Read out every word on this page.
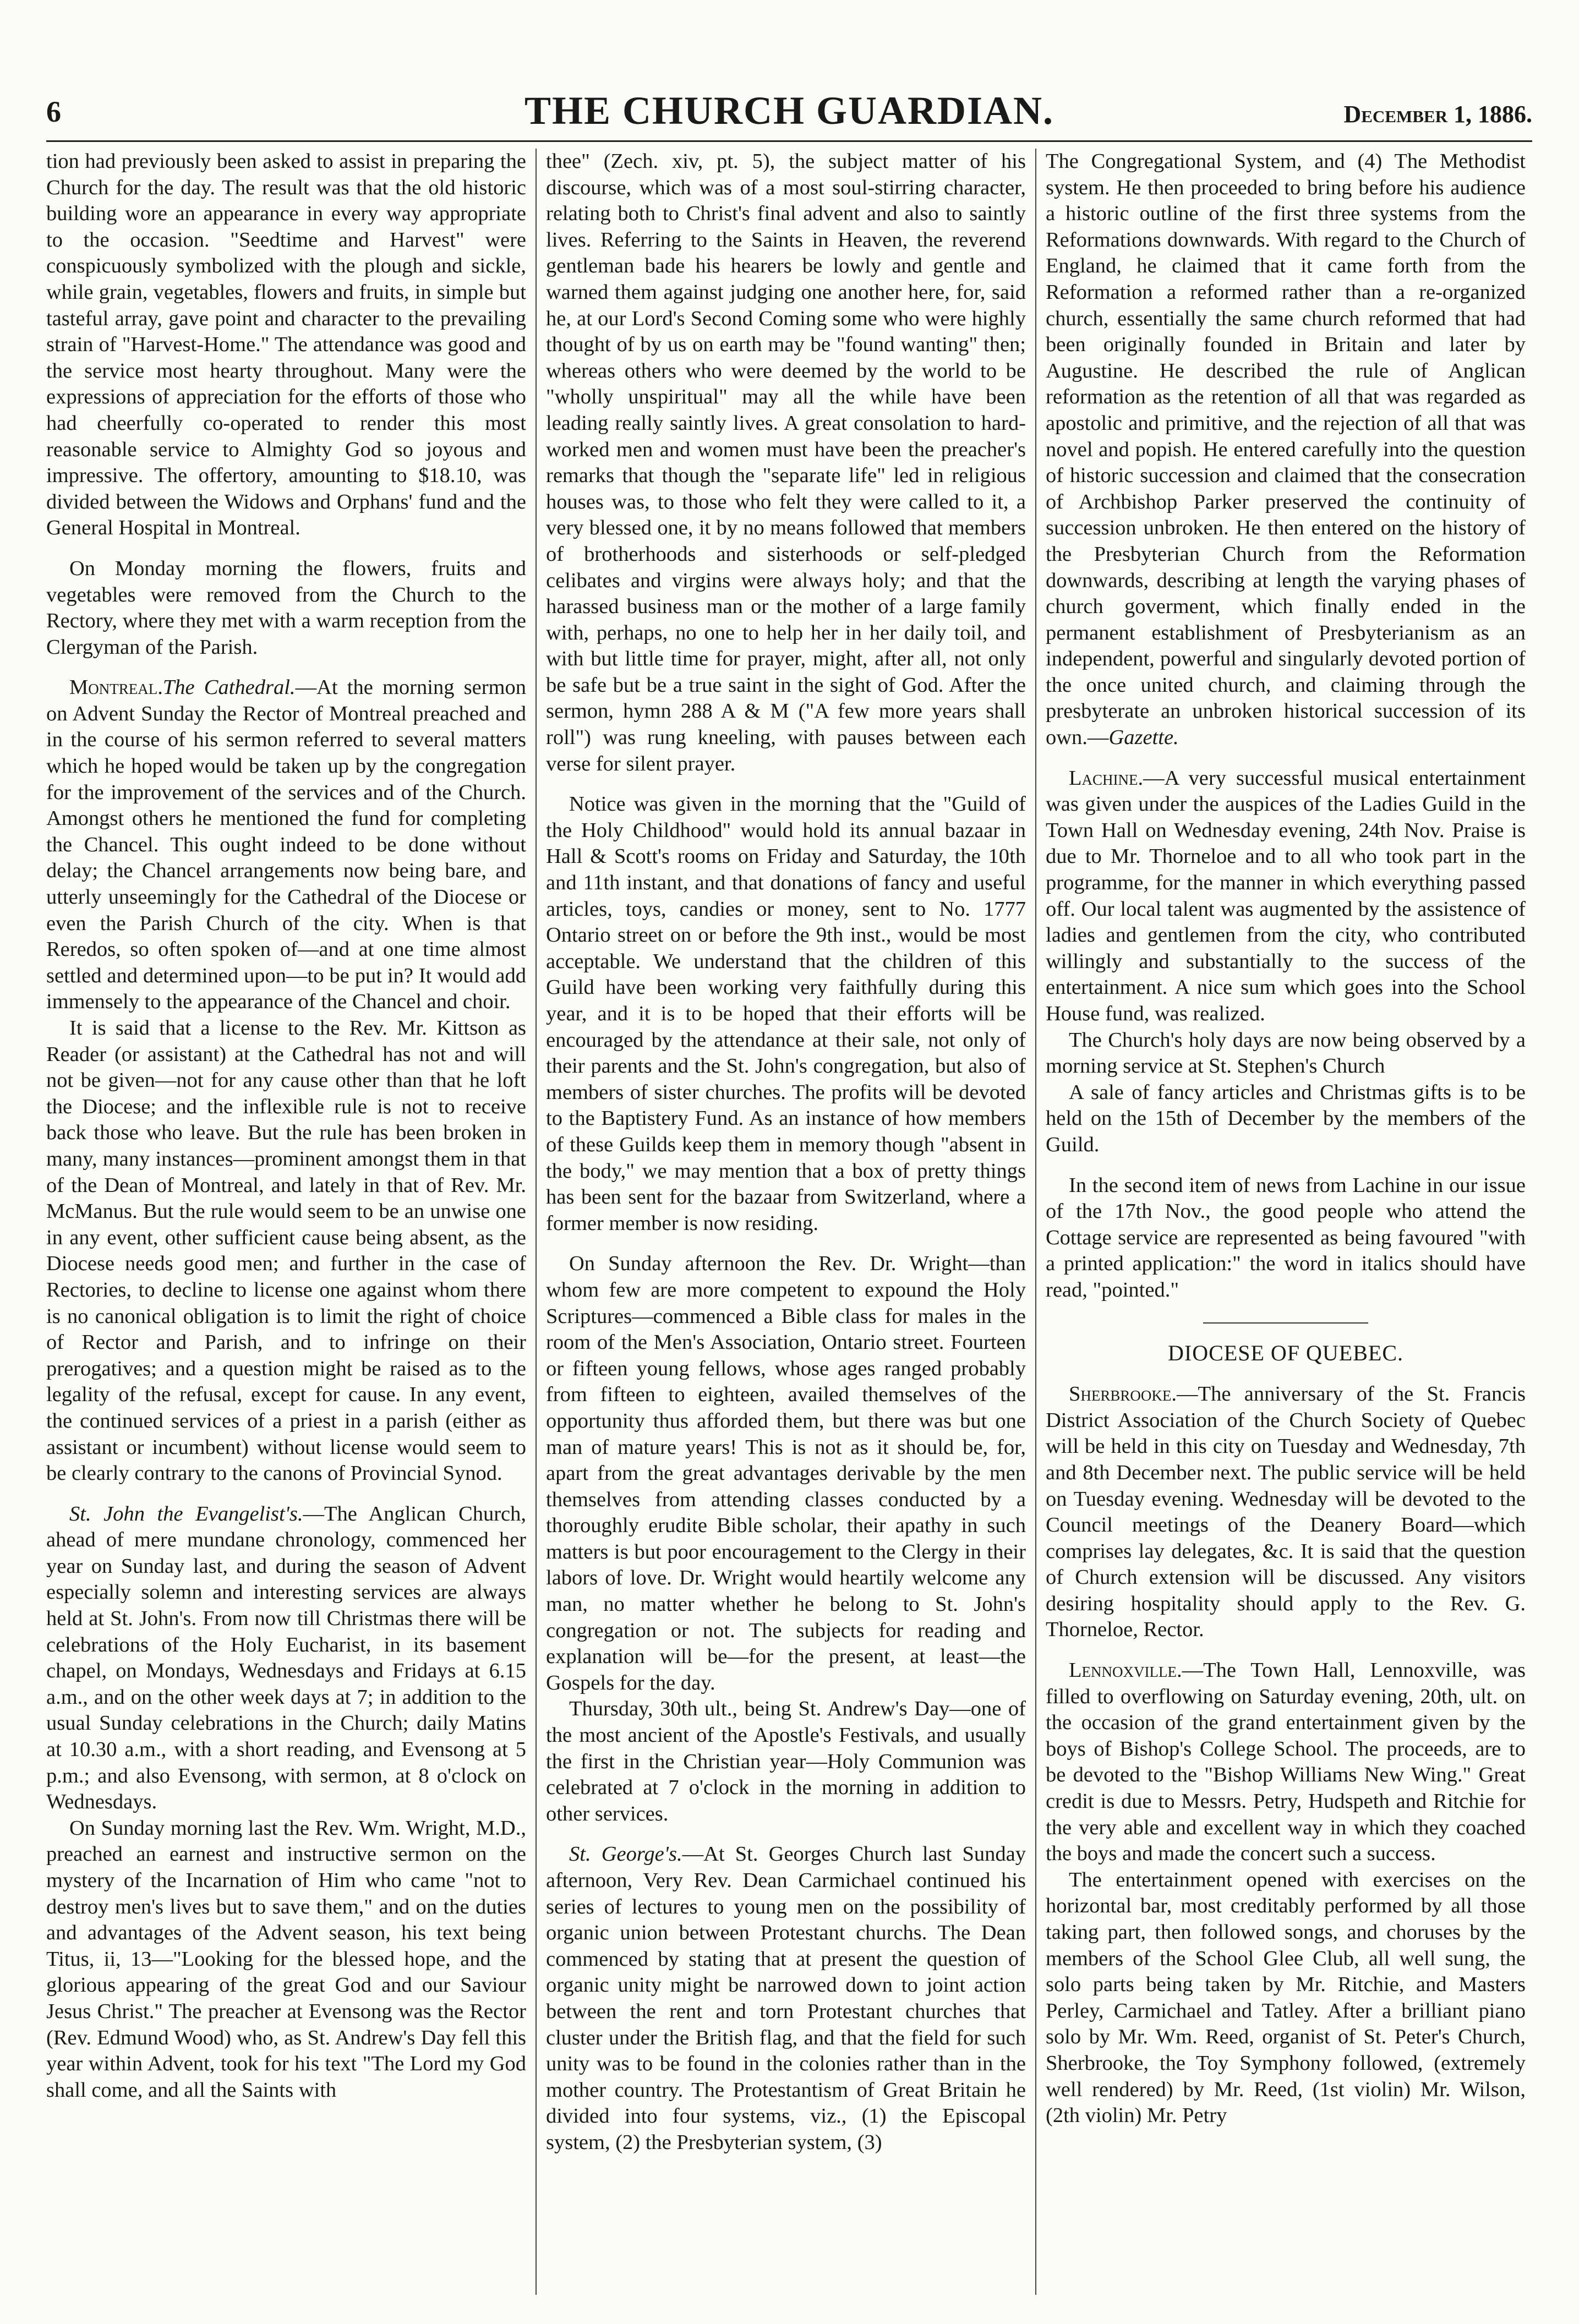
6	THE CHURCH GUARDIAN.	December 1, 1886.

tion had previously been asked to assist in preparing the Church for the day. The result was that the old historic building wore an appearance in every way appropriate to the occasion. "Seedtime and Harvest" were conspicuously symbolized with the plough and sickle, while grain, vegetables, flowers and fruits, in simple but tasteful array, gave point and character to the prevailing strain of "Harvest-Home." The attendance was good and the service most hearty throughout. Many were the expressions of appreciation for the efforts of those who had cheerfully co-operated to render this most reasonable service to Almighty God so joyous and impressive. The offertory, amounting to $18.10, was divided between the Widows and Orphans' fund and the General Hospital in Montreal.

On Monday morning the flowers, fruits and vegetables were removed from the Church to the Rectory, where they met with a warm reception from the Clergyman of the Parish.

Montreal.The Cathedral.—At the morning sermon on Advent Sunday the Rector of Montreal preached and in the course of his sermon referred to several matters which he hoped would be taken up by the congregation for the improvement of the services and of the Church. Amongst others he mentioned the fund for completing the Chancel. This ought indeed to be done without delay; the Chancel arrangements now being bare, and utterly unseemingly for the Cathedral of the Diocese or even the Parish Church of the city. When is that Reredos, so often spoken of—and at one time almost settled and determined upon—to be put in? It would add immensely to the appearance of the Chancel and choir.

It is said that a license to the Rev. Mr. Kittson as Reader (or assistant) at the Cathedral has not and will not be given—not for any cause other than that he loft the Diocese; and the inflexible rule is not to receive back those who leave. But the rule has been broken in many, many instances—prominent amongst them in that of the Dean of Montreal, and lately in that of Rev. Mr. McManus. But the rule would seem to be an unwise one in any event, other sufficient cause being absent, as the Diocese needs good men; and further in the case of Rectories, to decline to license one against whom there is no canonical obligation is to limit the right of choice of Rector and Parish, and to infringe on their prerogatives; and a question might be raised as to the legality of the refusal, except for cause. In any event, the continued services of a priest in a parish (either as assistant or incumbent) without license would seem to be clearly contrary to the canons of Provincial Synod.

St. John the Evangelist's.—The Anglican Church, ahead of mere mundane chronology, commenced her year on Sunday last, and during the season of Advent especially solemn and interesting services are always held at St. John's. From now till Christmas there will be celebrations of the Holy Eucharist, in its basement chapel, on Mondays, Wednesdays and Fridays at 6.15 a.m., and on the other week days at 7; in addition to the usual Sunday celebrations in the Church; daily Matins at 10.30 a.m., with a short reading, and Evensong at 5 p.m.; and also Evensong, with sermon, at 8 o'clock on Wednesdays.

On Sunday morning last the Rev. Wm. Wright, M.D., preached an earnest and instructive sermon on the mystery of the Incarnation of Him who came "not to destroy men's lives but to save them," and on the duties and advantages of the Advent season, his text being Titus, ii, 13—"Looking for the blessed hope, and the glorious appearing of the great God and our Saviour Jesus Christ." The preacher at Evensong was the Rector (Rev. Edmund Wood) who, as St. Andrew's Day fell this year within Advent, took for his text "The Lord my God shall come, and all the Saints with

thee" (Zech. xiv, pt. 5), the subject matter of his discourse, which was of a most soul-stirring character, relating both to Christ's final advent and also to saintly lives. Referring to the Saints in Heaven, the reverend gentleman bade his hearers be lowly and gentle and warned them against judging one another here, for, said he, at our Lord's Second Coming some who were highly thought of by us on earth may be "found wanting" then; whereas others who were deemed by the world to be "wholly unspiritual" may all the while have been leading really saintly lives. A great consolation to hard-worked men and women must have been the preacher's remarks that though the "separate life" led in religious houses was, to those who felt they were called to it, a very blessed one, it by no means followed that members of brotherhoods and sisterhoods or self-pledged celibates and virgins were always holy; and that the harassed business man or the mother of a large family with, perhaps, no one to help her in her daily toil, and with but little time for prayer, might, after all, not only be safe but be a true saint in the sight of God. After the sermon, hymn 288 A & M ("A few more years shall roll") was rung kneeling, with pauses between each verse for silent prayer.

Notice was given in the morning that the "Guild of the Holy Childhood" would hold its annual bazaar in Hall & Scott's rooms on Friday and Saturday, the 10th and 11th instant, and that donations of fancy and useful articles, toys, candies or money, sent to No. 1777 Ontario street on or before the 9th inst., would be most acceptable. We understand that the children of this Guild have been working very faithfully during this year, and it is to be hoped that their efforts will be encouraged by the attendance at their sale, not only of their parents and the St. John's congregation, but also of members of sister churches. The profits will be devoted to the Baptistery Fund. As an instance of how members of these Guilds keep them in memory though "absent in the body," we may mention that a box of pretty things has been sent for the bazaar from Switzerland, where a former member is now residing.

On Sunday afternoon the Rev. Dr. Wright—than whom few are more competent to expound the Holy Scriptures—commenced a Bible class for males in the room of the Men's Association, Ontario street. Fourteen or fifteen young fellows, whose ages ranged probably from fifteen to eighteen, availed themselves of the opportunity thus afforded them, but there was but one man of mature years! This is not as it should be, for, apart from the great advantages derivable by the men themselves from attending classes conducted by a thoroughly erudite Bible scholar, their apathy in such matters is but poor encouragement to the Clergy in their labors of love. Dr. Wright would heartily welcome any man, no matter whether he belong to St. John's congregation or not. The subjects for reading and explanation will be—for the present, at least—the Gospels for the day.

Thursday, 30th ult., being St. Andrew's Day—one of the most ancient of the Apostle's Festivals, and usually the first in the Christian year—Holy Communion was celebrated at 7 o'clock in the morning in addition to other services.

St. George's.—At St. Georges Church last Sunday afternoon, Very Rev. Dean Carmichael continued his series of lectures to young men on the possibility of organic union between Protestant churchs. The Dean commenced by stating that at present the question of organic unity might be narrowed down to joint action between the rent and torn Protestant churches that cluster under the British flag, and that the field for such unity was to be found in the colonies rather than in the mother country. The Protestantism of Great Britain he divided into four systems, viz., (1) the Episcopal system, (2) the Presbyterian system, (3)

The Congregational System, and (4) The Methodist system. He then proceeded to bring before his audience a historic outline of the first three systems from the Reformations downwards. With regard to the Church of England, he claimed that it came forth from the Reformation a reformed rather than a re-organized church, essentially the same church reformed that had been originally founded in Britain and later by Augustine. He described the rule of Anglican reformation as the retention of all that was regarded as apostolic and primitive, and the rejection of all that was novel and popish. He entered carefully into the question of historic succession and claimed that the consecration of Archbishop Parker preserved the continuity of succession unbroken. He then entered on the history of the Presbyterian Church from the Reformation downwards, describing at length the varying phases of church goverment, which finally ended in the permanent establishment of Presbyterianism as an independent, powerful and singularly devoted portion of the once united church, and claiming through the presbyterate an unbroken historical succession of its own.—Gazette.

Lachine.—A very successful musical entertainment was given under the auspices of the Ladies Guild in the Town Hall on Wednesday evening, 24th Nov. Praise is due to Mr. Thorneloe and to all who took part in the programme, for the manner in which everything passed off. Our local talent was augmented by the assistence of ladies and gentlemen from the city, who contributed willingly and substantially to the success of the entertainment. A nice sum which goes into the School House fund, was realized.

The Church's holy days are now being observed by a morning service at St. Stephen's Church

A sale of fancy articles and Christmas gifts is to be held on the 15th of December by the members of the Guild.

In the second item of news from Lachine in our issue of the 17th Nov., the good people who attend the Cottage service are represented as being favoured "with a printed application:" the word in italics should have read, "pointed."

DIOCESE OF QUEBEC.

Sherbrooke.—The anniversary of the St. Francis District Association of the Church Society of Quebec will be held in this city on Tuesday and Wednesday, 7th and 8th December next. The public service will be held on Tuesday evening. Wednesday will be devoted to the Council meetings of the Deanery Board—which comprises lay delegates, &c. It is said that the question of Church extension will be discussed. Any visitors desiring hospitality should apply to the Rev. G. Thorneloe, Rector.

Lennoxville.—The Town Hall, Lennoxville, was filled to overflowing on Saturday evening, 20th, ult. on the occasion of the grand entertainment given by the boys of Bishop's College School. The proceeds, are to be devoted to the "Bishop Williams New Wing." Great credit is due to Messrs. Petry, Hudspeth and Ritchie for the very able and excellent way in which they coached the boys and made the concert such a success.

The entertainment opened with exercises on the horizontal bar, most creditably performed by all those taking part, then followed songs, and choruses by the members of the School Glee Club, all well sung, the solo parts being taken by Mr. Ritchie, and Masters Perley, Carmichael and Tatley. After a brilliant piano solo by Mr. Wm. Reed, organist of St. Peter's Church, Sherbrooke, the Toy Symphony followed, (extremely well rendered) by Mr. Reed, (1st violin) Mr. Wilson, (2th violin) Mr. Petry
